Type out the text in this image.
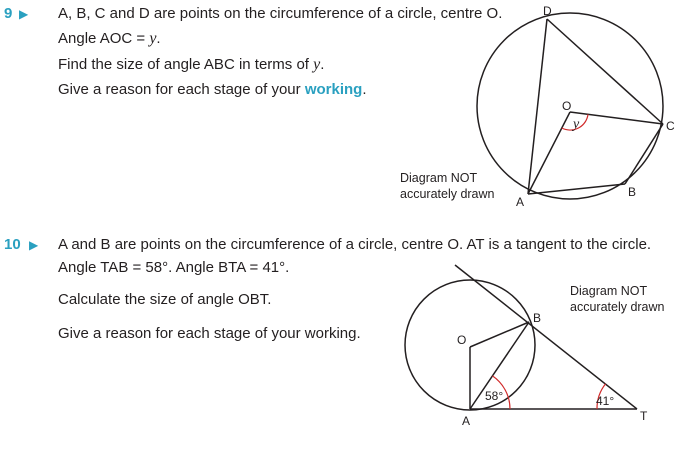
9 ▶ A, B, C and D are points on the circumference of a circle, centre O.
Angle AOC = y.
Find the size of angle ABC in terms of y.
Give a reason for each stage of your working.
Diagram NOT
accurately drawn
10 ▶ A and B are points on the circumference of a circle, centre O. AT is a tangent to the circle.
Angle TAB = 58°. Angle BTA = 41°.
Calculate the size of angle OBT.
Give a reason for each stage of your working.
Diagram NOT
accurately drawn
D
O
C
A
B
y
O
B
A	T
58°	41°
